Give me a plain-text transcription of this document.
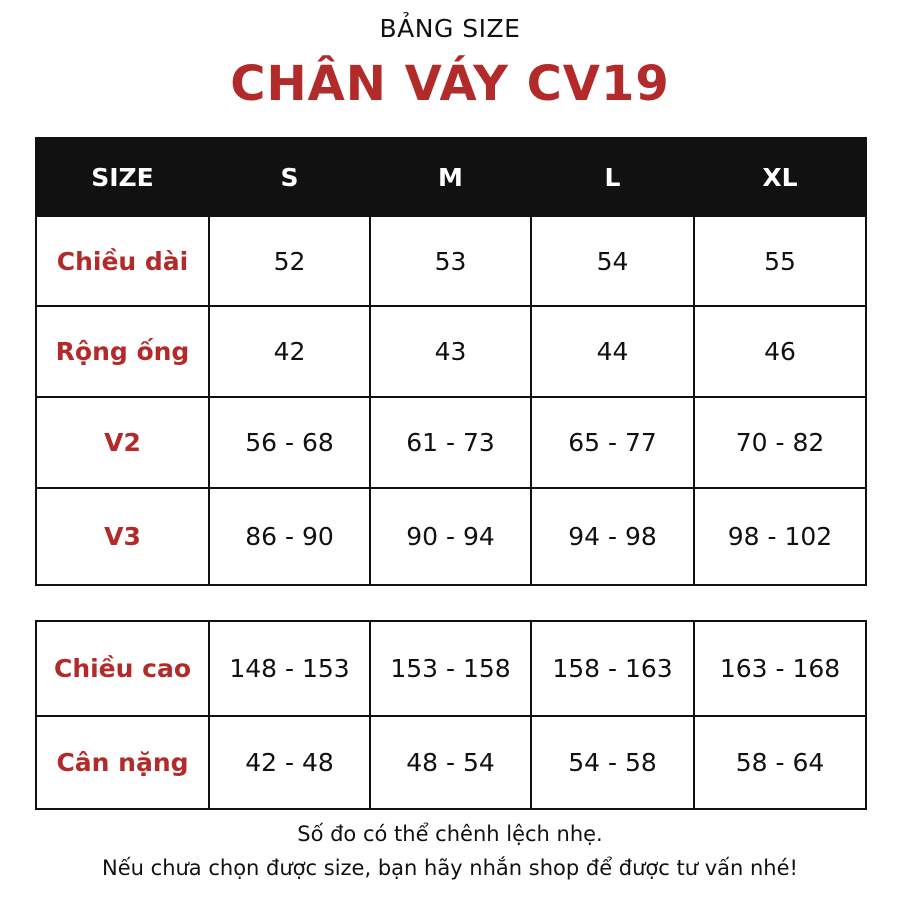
BẢNG SIZE
CHÂN VÁY CV19
SIZE	S	M	L	XL
Chiều dài	52	53	54	55
Rộng ống	42	43	44	46
V2	56 - 68	61 - 73	65 - 77	70 - 82
V3	86 - 90	90 - 94	94 - 98	98 - 102
Chiều cao	148 - 153	153 - 158	158 - 163	163 - 168
Cân nặng	42 - 48	48 - 54	54 - 58	58 - 64
Số đo có thể chênh lệch nhẹ.
Nếu chưa chọn được size, bạn hãy nhắn shop để được tư vấn nhé!
